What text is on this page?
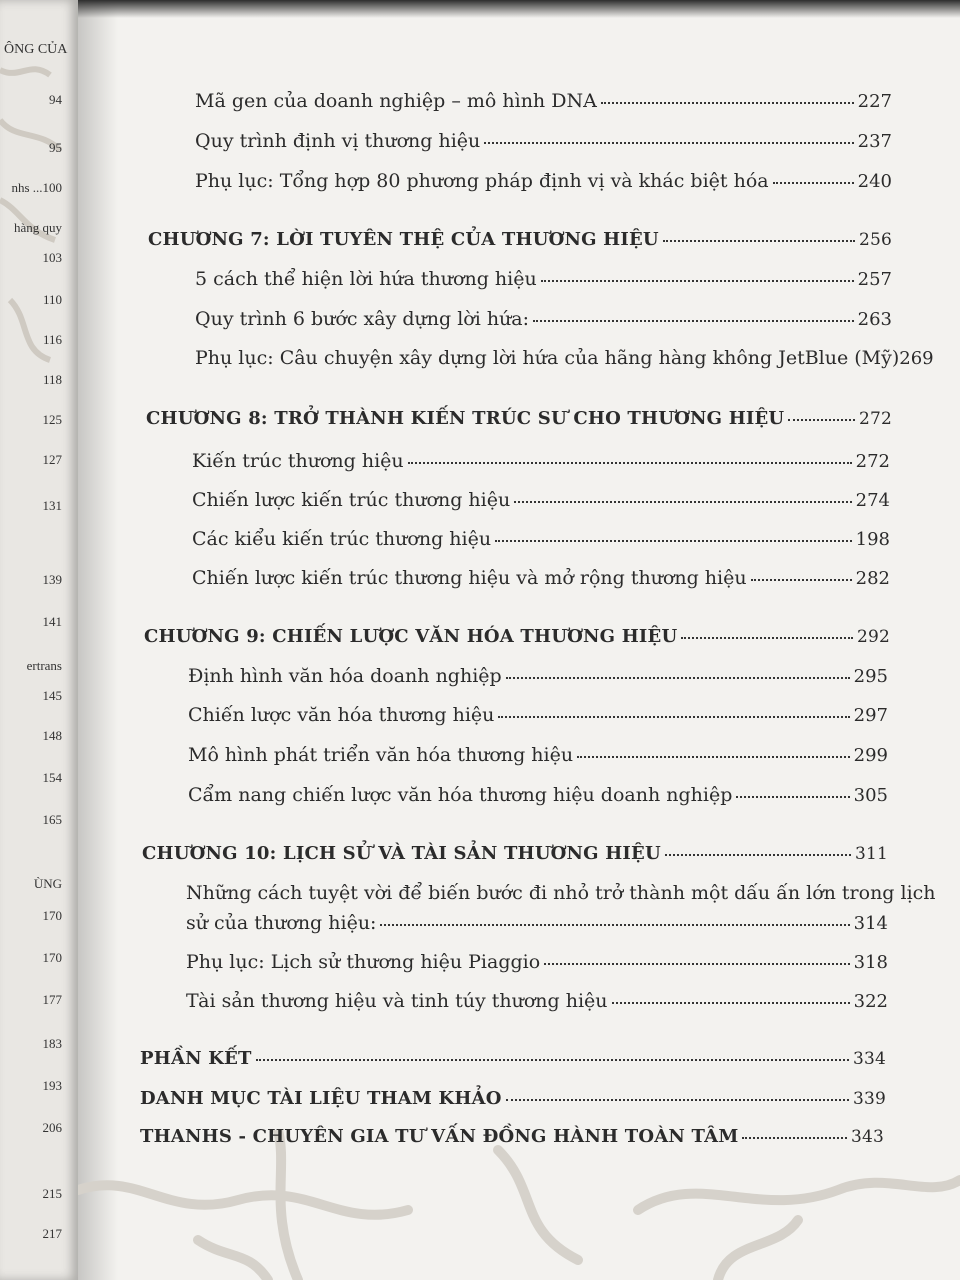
ÔNG CỦA
94
95
nhs ...100
hàng quy
103
110
116
118
125
127
131
139
141
ertrans
145
148
154
165
ÙNG
170
170
177
183
193
206
215
217
Mã gen của doanh nghiệp – mô hình DNA	227
Quy trình định vị thương hiệu	237
Phụ lục: Tổng hợp 80 phương pháp định vị và khác biệt hóa	240
CHƯƠNG 7: LỜI TUYÊN THỆ CỦA THƯƠNG HIỆU	256
5 cách thể hiện lời hứa thương hiệu	257
Quy trình 6 bước xây dựng lời hứa:	263
Phụ lục: Câu chuyện xây dựng lời hứa của hãng hàng không JetBlue (Mỹ) 269
CHƯƠNG 8: TRỞ THÀNH KIẾN TRÚC SƯ CHO THƯƠNG HIỆU	272
Kiến trúc thương hiệu	272
Chiến lược kiến trúc thương hiệu	274
Các kiểu kiến trúc thương hiệu	198
Chiến lược kiến trúc thương hiệu và mở rộng thương hiệu	282
CHƯƠNG 9: CHIẾN LƯỢC VĂN HÓA THƯƠNG HIỆU	292
Định hình văn hóa doanh nghiệp	295
Chiến lược văn hóa thương hiệu	297
Mô hình phát triển văn hóa thương hiệu	299
Cẩm nang chiến lược văn hóa thương hiệu doanh nghiệp	305
CHƯƠNG 10: LỊCH SỬ VÀ TÀI SẢN THƯƠNG HIỆU	311
Những cách tuyệt vời để biến bước đi nhỏ trở thành một dấu ấn lớn trong lịch
sử của thương hiệu:	314
Phụ lục: Lịch sử thương hiệu Piaggio	318
Tài sản thương hiệu và tinh túy thương hiệu	322
PHẦN KẾT	334
DANH MỤC TÀI LIỆU THAM KHẢO	339
THANHS - CHUYÊN GIA TƯ VẤN ĐỒNG HÀNH TOÀN TÂM	343
